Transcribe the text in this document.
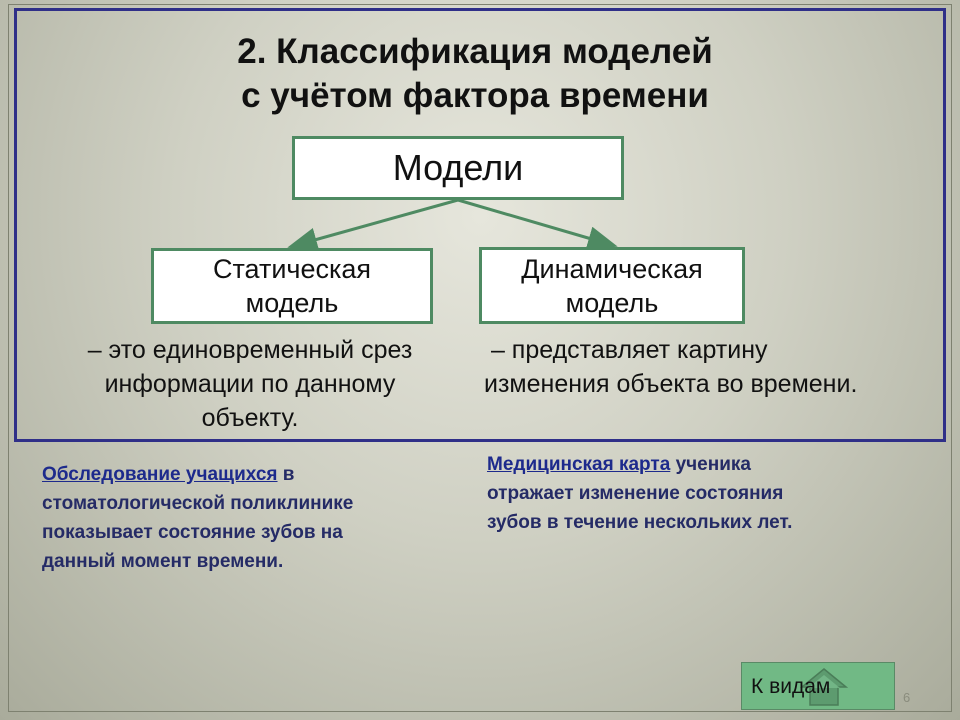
2. Классификация моделей
с учётом фактора времени
Модели
Статическая
модель
Динамическая
модель
– это единовременный срез
информации по данному
объекту.
– представляет картину
изменения объекта во времени.
Обследование учащихся в
стоматологической поликлинике
показывает состояние зубов на
данный момент времени.
Медицинская карта ученика
отражает изменение состояния
зубов в течение нескольких лет.
К видам	6
